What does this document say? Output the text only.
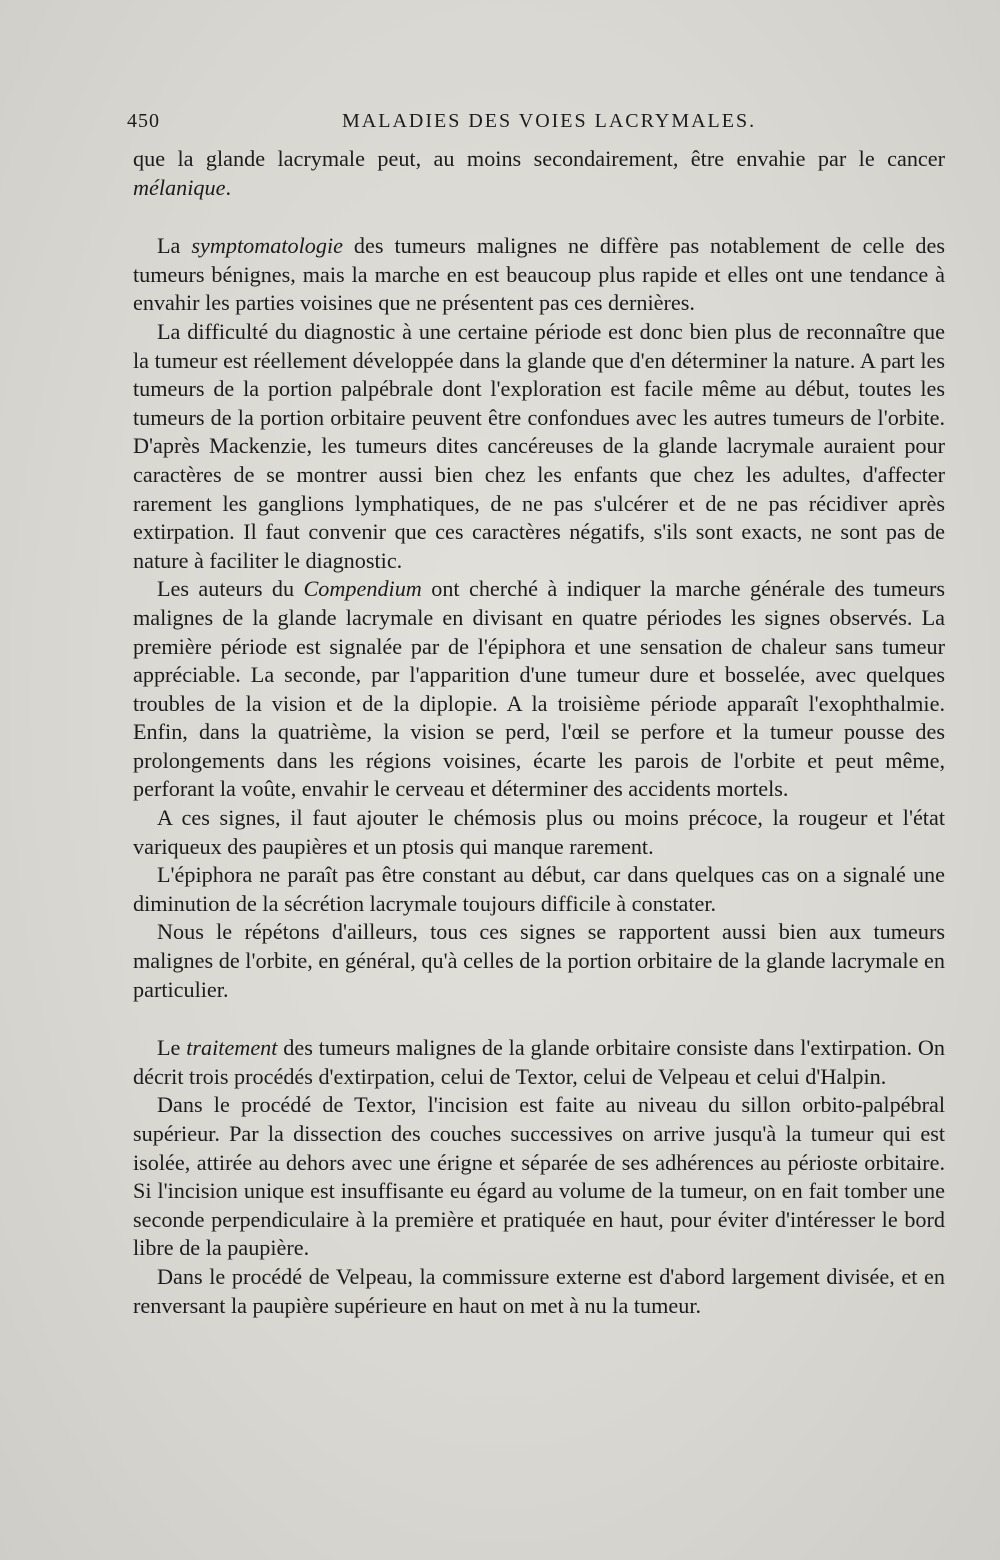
450	MALADIES DES VOIES LACRYMALES.

que la glande lacrymale peut, au moins secondairement, être envahie par le cancer mélanique.

La symptomatologie des tumeurs malignes ne diffère pas notablement de celle des tumeurs bénignes, mais la marche en est beaucoup plus rapide et elles ont une tendance à envahir les parties voisines que ne présentent pas ces dernières.

La difficulté du diagnostic à une certaine période est donc bien plus de reconnaître que la tumeur est réellement développée dans la glande que d'en déterminer la nature. A part les tumeurs de la portion palpébrale dont l'exploration est facile même au début, toutes les tumeurs de la portion orbitaire peuvent être confondues avec les autres tumeurs de l'orbite. D'après Mackenzie, les tumeurs dites cancéreuses de la glande lacrymale auraient pour caractères de se montrer aussi bien chez les enfants que chez les adultes, d'affecter rarement les ganglions lymphatiques, de ne pas s'ulcérer et de ne pas récidiver après extirpation. Il faut convenir que ces caractères négatifs, s'ils sont exacts, ne sont pas de nature à faciliter le diagnostic.

Les auteurs du Compendium ont cherché à indiquer la marche générale des tumeurs malignes de la glande lacrymale en divisant en quatre périodes les signes observés. La première période est signalée par de l'épiphora et une sensation de chaleur sans tumeur appréciable. La seconde, par l'apparition d'une tumeur dure et bosselée, avec quelques troubles de la vision et de la diplopie. A la troisième période apparaît l'exophthalmie. Enfin, dans la quatrième, la vision se perd, l'œil se perfore et la tumeur pousse des prolongements dans les régions voisines, écarte les parois de l'orbite et peut même, perforant la voûte, envahir le cerveau et déterminer des accidents mortels.

A ces signes, il faut ajouter le chémosis plus ou moins précoce, la rougeur et l'état variqueux des paupières et un ptosis qui manque rarement.

L'épiphora ne paraît pas être constant au début, car dans quelques cas on a signalé une diminution de la sécrétion lacrymale toujours difficile à constater.

Nous le répétons d'ailleurs, tous ces signes se rapportent aussi bien aux tumeurs malignes de l'orbite, en général, qu'à celles de la portion orbitaire de la glande lacrymale en particulier.

Le traitement des tumeurs malignes de la glande orbitaire consiste dans l'extirpation. On décrit trois procédés d'extirpation, celui de Textor, celui de Velpeau et celui d'Halpin.

Dans le procédé de Textor, l'incision est faite au niveau du sillon orbito-palpébral supérieur. Par la dissection des couches successives on arrive jusqu'à la tumeur qui est isolée, attirée au dehors avec une érigne et séparée de ses adhérences au périoste orbitaire. Si l'incision unique est insuffisante eu égard au volume de la tumeur, on en fait tomber une seconde perpendiculaire à la première et pratiquée en haut, pour éviter d'intéresser le bord libre de la paupière.

Dans le procédé de Velpeau, la commissure externe est d'abord largement divisée, et en renversant la paupière supérieure en haut on met à nu la tumeur.
